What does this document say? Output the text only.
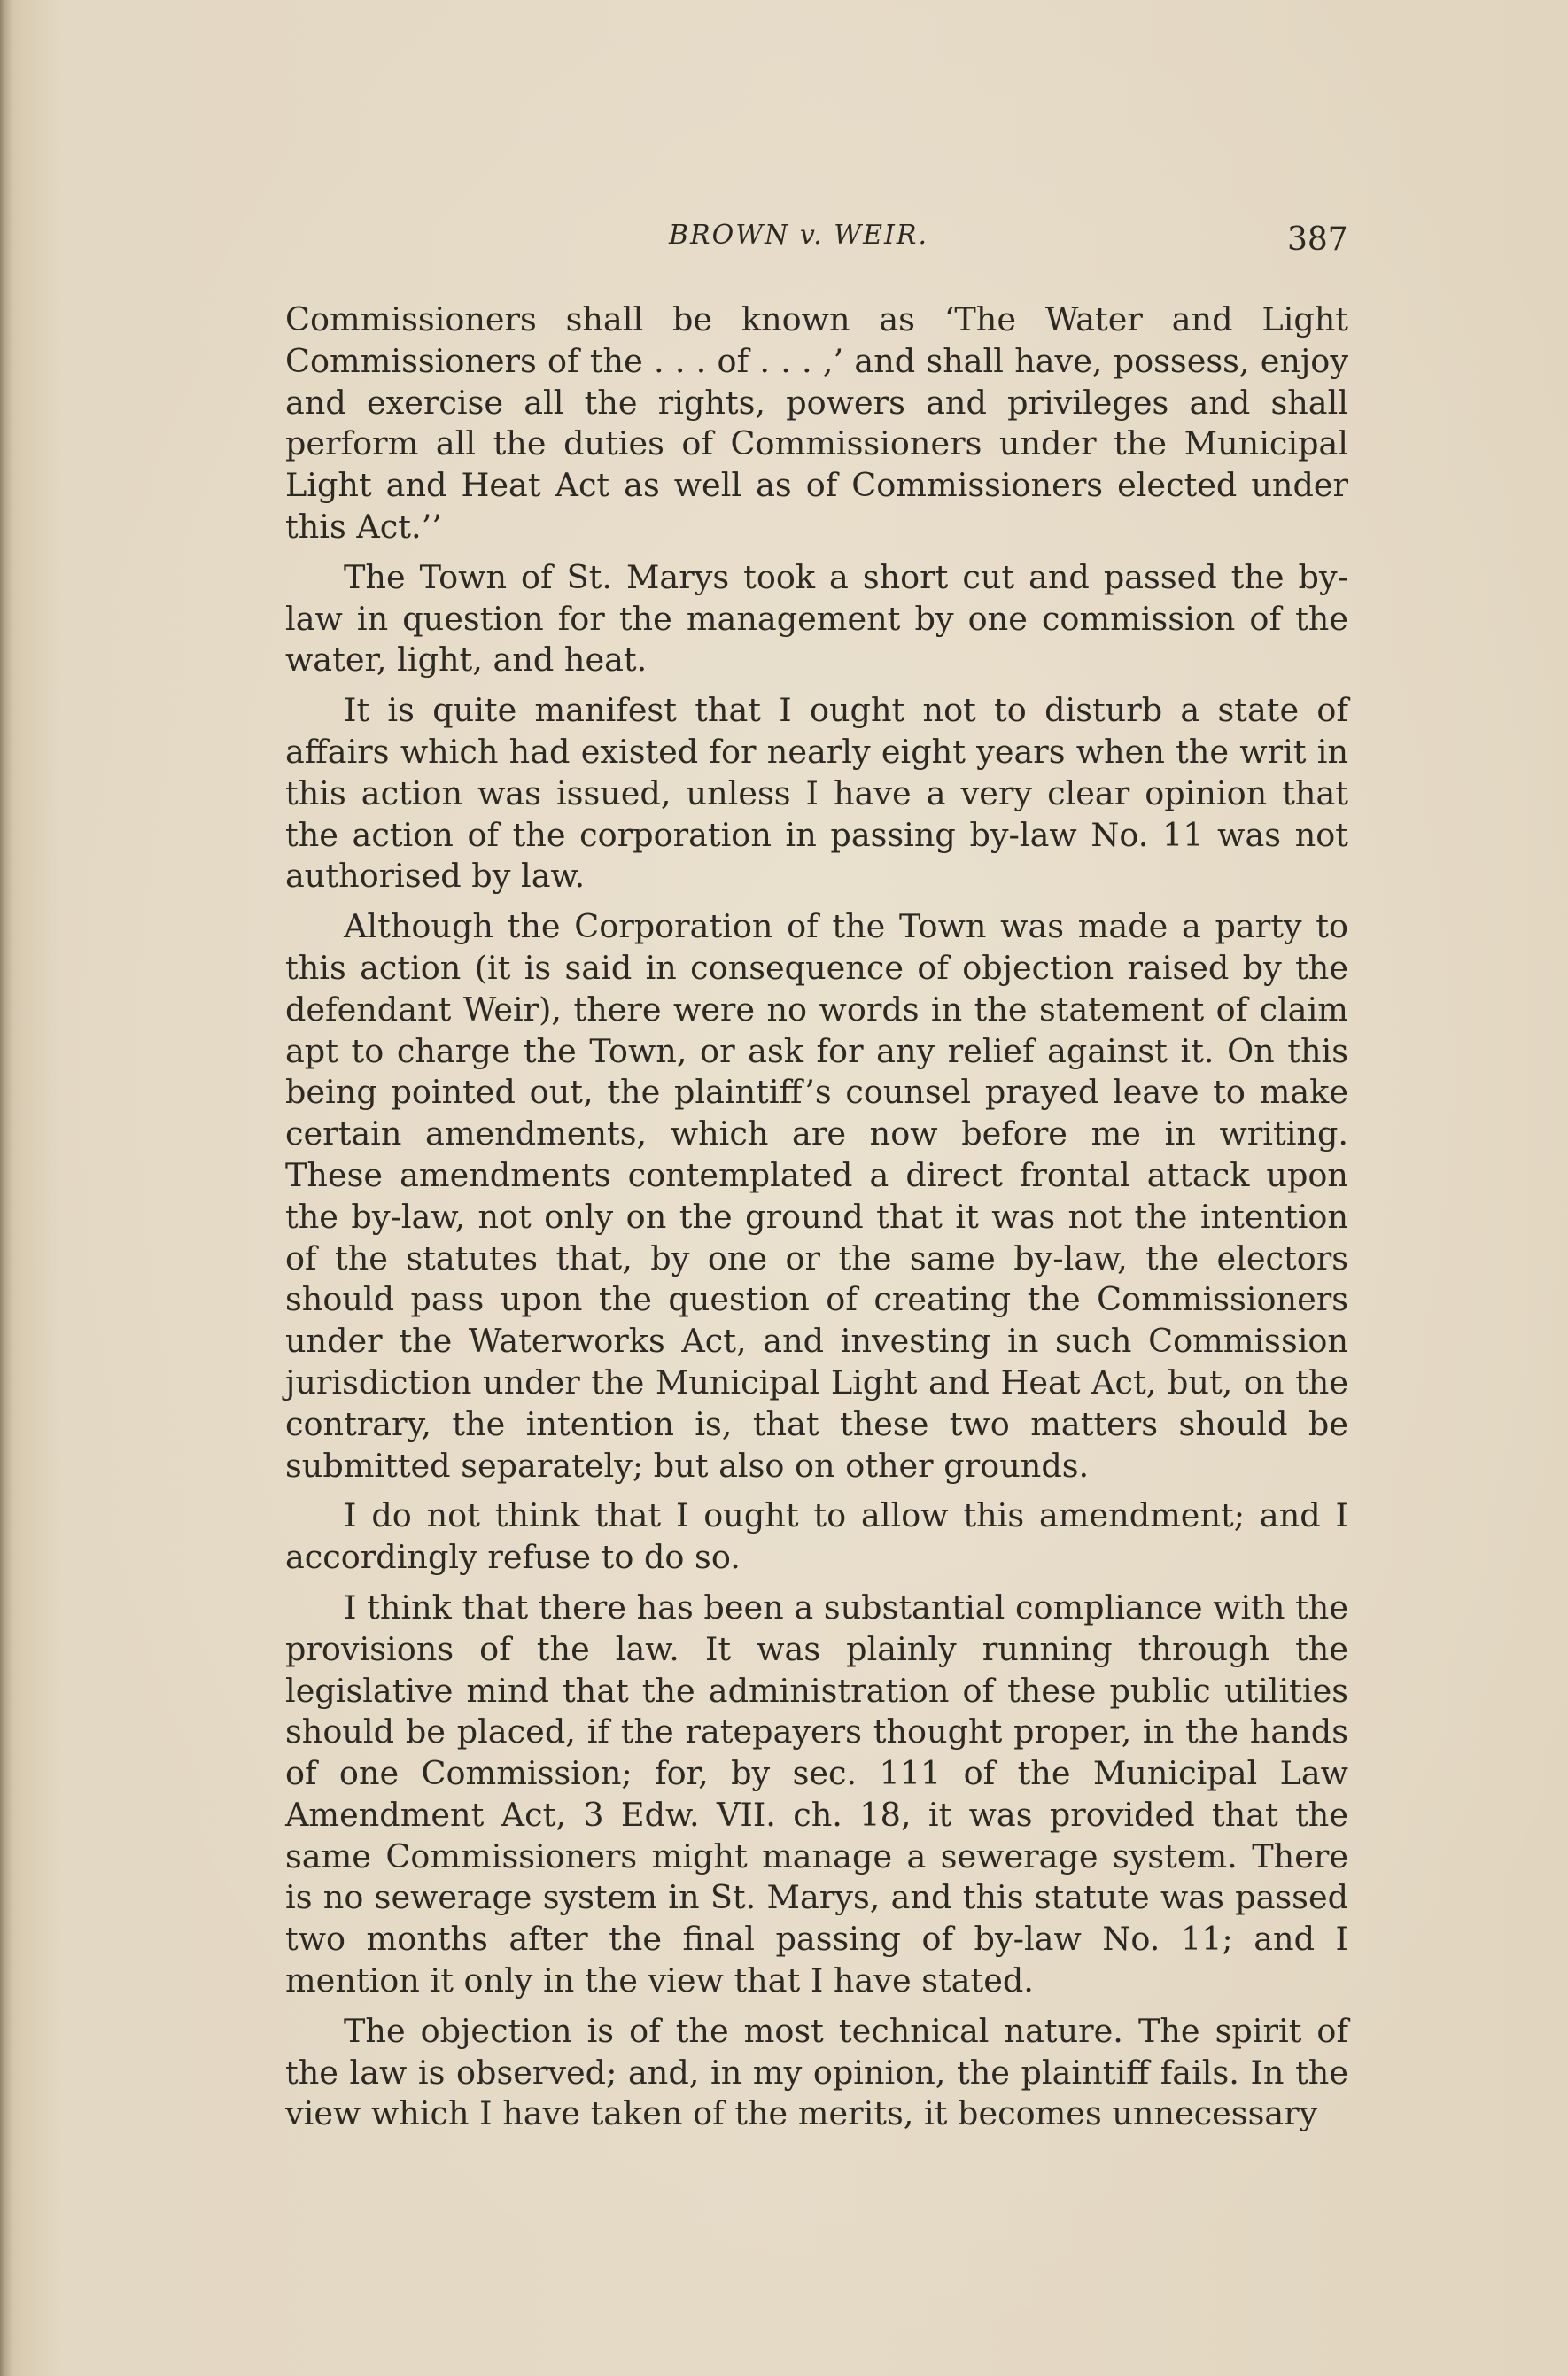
BROWN v. WEIR.	387

Commissioners shall be known as ‘The Water and Light Commissioners of the . . . of . . . ,’ and shall have, possess, enjoy and exercise all the rights, powers and privileges and shall perform all the duties of Commissioners under the Municipal Light and Heat Act as well as of Commissioners elected under this Act.’’

The Town of St. Marys took a short cut and passed the by-law in question for the management by one commission of the water, light, and heat.

It is quite manifest that I ought not to disturb a state of affairs which had existed for nearly eight years when the writ in this action was issued, unless I have a very clear opinion that the action of the corporation in passing by-law No. 11 was not authorised by law.

Although the Corporation of the Town was made a party to this action (it is said in consequence of objection raised by the defendant Weir), there were no words in the statement of claim apt to charge the Town, or ask for any relief against it. On this being pointed out, the plaintiff’s counsel prayed leave to make certain amendments, which are now before me in writing. These amendments contemplated a direct frontal attack upon the by-law, not only on the ground that it was not the intention of the statutes that, by one or the same by-law, the electors should pass upon the question of creating the Commissioners under the Waterworks Act, and investing in such Commission jurisdiction under the Municipal Light and Heat Act, but, on the contrary, the intention is, that these two matters should be submitted separately; but also on other grounds.

I do not think that I ought to allow this amendment; and I accordingly refuse to do so.

I think that there has been a substantial compliance with the provisions of the law. It was plainly running through the legislative mind that the administration of these public utilities should be placed, if the ratepayers thought proper, in the hands of one Commission; for, by sec. 111 of the Municipal Law Amendment Act, 3 Edw. VII. ch. 18, it was provided that the same Commissioners might manage a sewerage system. There is no sewerage system in St. Marys, and this statute was passed two months after the final passing of by-law No. 11; and I mention it only in the view that I have stated.

The objection is of the most technical nature. The spirit of the law is observed; and, in my opinion, the plaintiff fails. In the view which I have taken of the merits, it becomes unnecessary
